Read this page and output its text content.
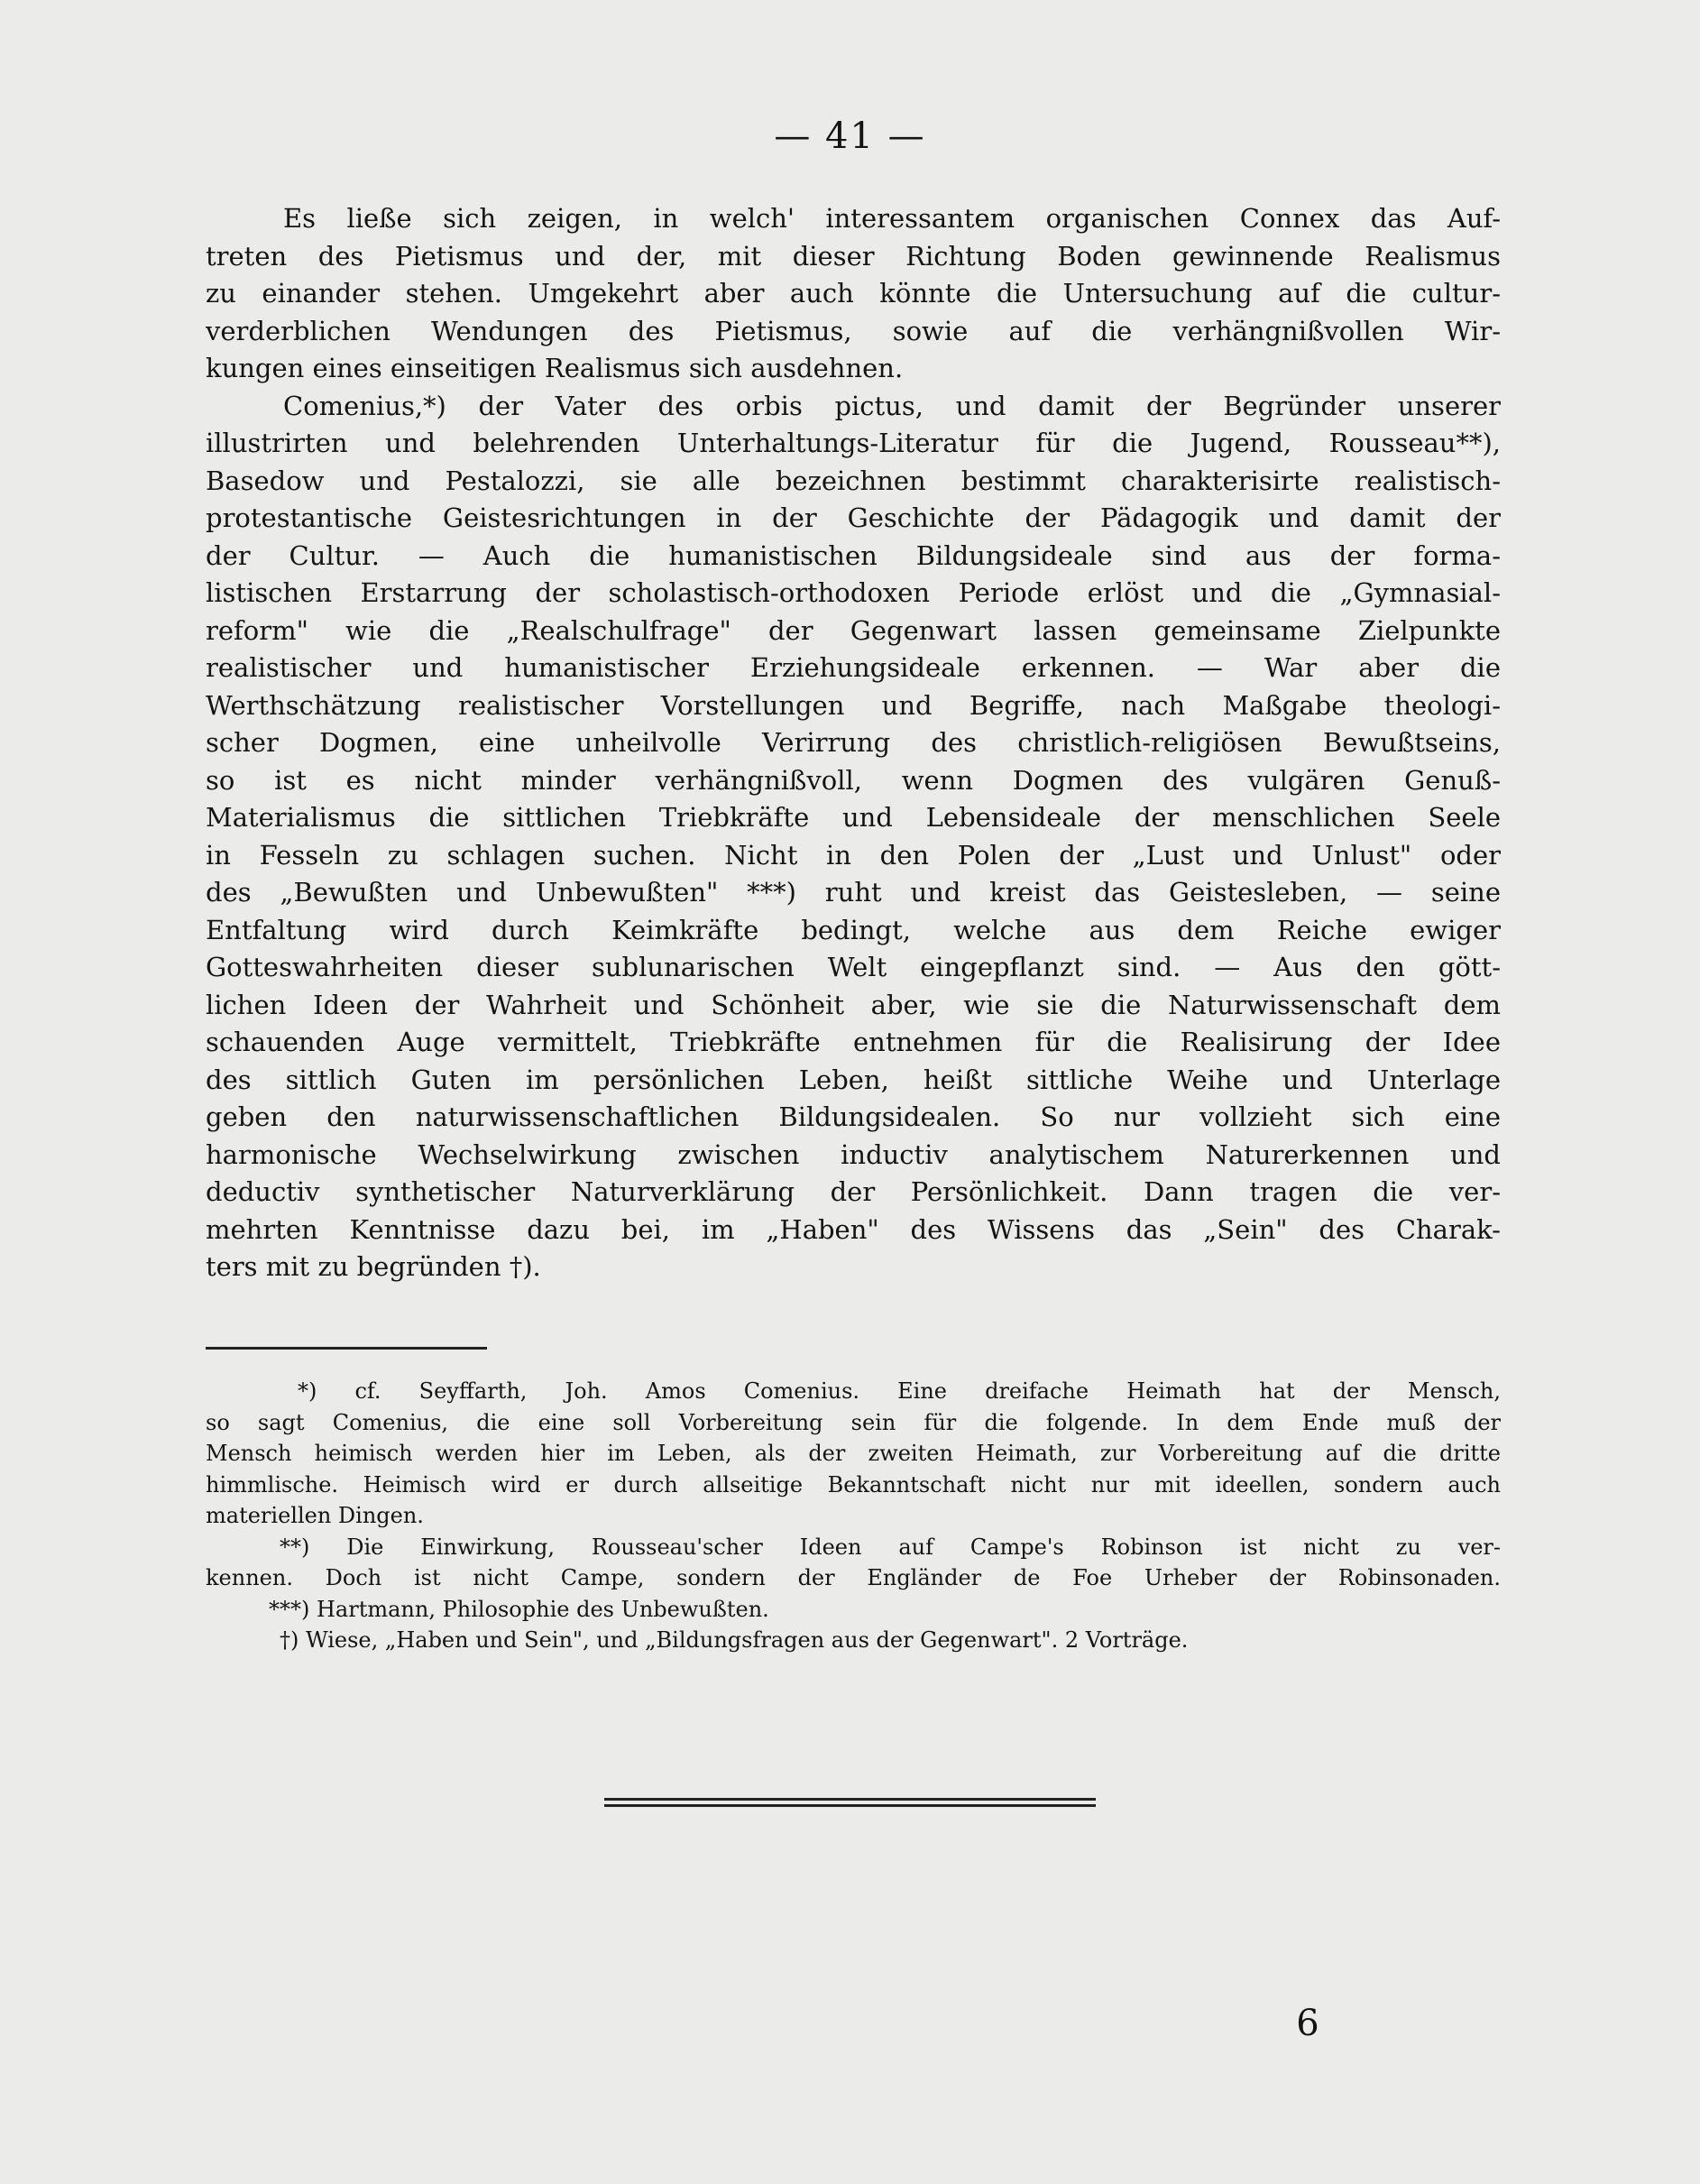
— 41 —
Es ließe sich zeigen, in welch' interessantem organischen Connex das Auf-
treten des Pietismus und der, mit dieser Richtung Boden gewinnende Realismus
zu einander stehen. Umgekehrt aber auch könnte die Untersuchung auf die cultur-
verderblichen Wendungen des Pietismus, sowie auf die verhängnißvollen Wir-
kungen eines einseitigen Realismus sich ausdehnen.
Comenius,*) der Vater des orbis pictus, und damit der Begründer unserer
illustrirten und belehrenden Unterhaltungs-Literatur für die Jugend, Rousseau**),
Basedow und Pestalozzi, sie alle bezeichnen bestimmt charakterisirte realistisch-
protestantische Geistesrichtungen in der Geschichte der Pädagogik und damit der
der Cultur. — Auch die humanistischen Bildungsideale sind aus der forma-
listischen Erstarrung der scholastisch-orthodoxen Periode erlöst und die „Gymnasial-
reform" wie die „Realschulfrage" der Gegenwart lassen gemeinsame Zielpunkte
realistischer und humanistischer Erziehungsideale erkennen. — War aber die
Werthschätzung realistischer Vorstellungen und Begriffe, nach Maßgabe theologi-
scher Dogmen, eine unheilvolle Verirrung des christlich-religiösen Bewußtseins,
so ist es nicht minder verhängnißvoll, wenn Dogmen des vulgären Genuß-
Materialismus die sittlichen Triebkräfte und Lebensideale der menschlichen Seele
in Fesseln zu schlagen suchen. Nicht in den Polen der „Lust und Unlust" oder
des „Bewußten und Unbewußten" ***) ruht und kreist das Geistesleben, — seine
Entfaltung wird durch Keimkräfte bedingt, welche aus dem Reiche ewiger
Gotteswahrheiten dieser sublunarischen Welt eingepflanzt sind. — Aus den gött-
lichen Ideen der Wahrheit und Schönheit aber, wie sie die Naturwissenschaft dem
schauenden Auge vermittelt, Triebkräfte entnehmen für die Realisirung der Idee
des sittlich Guten im persönlichen Leben, heißt sittliche Weihe und Unterlage
geben den naturwissenschaftlichen Bildungsidealen. So nur vollzieht sich eine
harmonische Wechselwirkung zwischen inductiv analytischem Naturerkennen und
deductiv synthetischer Naturverklärung der Persönlichkeit. Dann tragen die ver-
mehrten Kenntnisse dazu bei, im „Haben" des Wissens das „Sein" des Charak-
ters mit zu begründen †).
*) cf. Seyffarth, Joh. Amos Comenius. Eine dreifache Heimath hat der Mensch,
so sagt Comenius, die eine soll Vorbereitung sein für die folgende. In dem Ende muß der
Mensch heimisch werden hier im Leben, als der zweiten Heimath, zur Vorbereitung auf die dritte
himmlische. Heimisch wird er durch allseitige Bekanntschaft nicht nur mit ideellen, sondern auch
materiellen Dingen.
**) Die Einwirkung, Rousseau'scher Ideen auf Campe's Robinson ist nicht zu ver-
kennen. Doch ist nicht Campe, sondern der Engländer de Foe Urheber der Robinsonaden.
***) Hartmann, Philosophie des Unbewußten.
†) Wiese, „Haben und Sein", und „Bildungsfragen aus der Gegenwart". 2 Vorträge.
6
